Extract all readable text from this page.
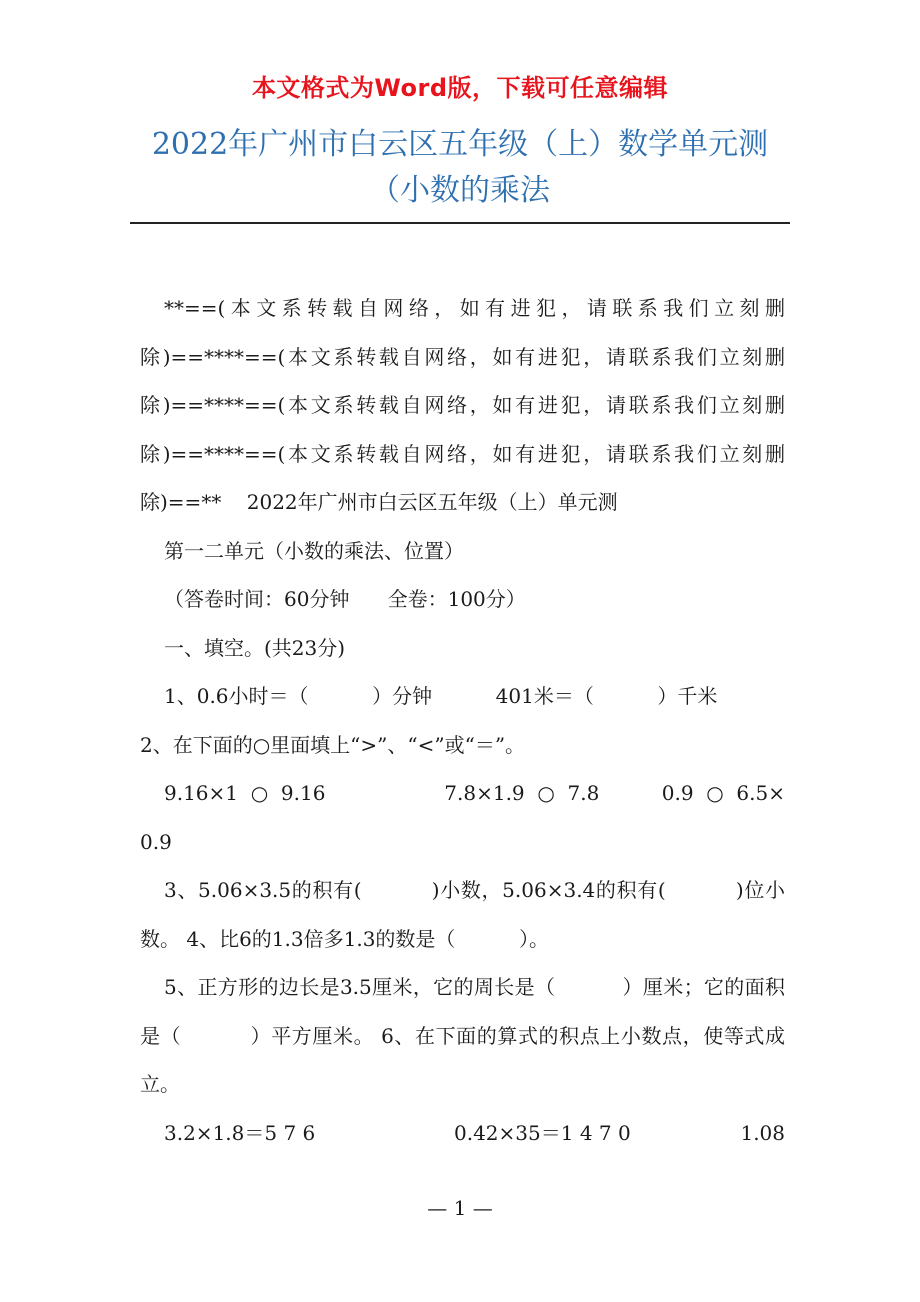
本文格式为Word版，下载可任意编辑
2022年广州市白云区五年级（上）数学单元测（小数的乘法

**==(本文系转载自网络，如有进犯，请联系我们立刻删除)==****==(本文系转载自网络，如有进犯，请联系我们立刻删除)==****==(本文系转载自网络，如有进犯，请联系我们立刻删除)==****==(本文系转载自网络，如有进犯，请联系我们立刻删除)==**    2022年广州市白云区五年级（上）单元测

第一二单元（小数的乘法、位置）

（答卷时间：60分钟      全卷：100分）

一、填空。(共23分)

1、0.6小时＝（          ）分钟          401米＝（          ）千米

2、在下面的○里面填上“>”、“<”或“＝”。

9.16×1  ○  9.16	7.8×1.9  ○  7.8	0.9  ○  6.5×

0.9

3、5.06×3.5的积有(          )小数，5.06×3.4的积有(          )位小数。 4、比6的1.3倍多1.3的数是（          ）。

5、正方形的边长是3.5厘米，它的周长是（          ）厘米；它的面积是（          ）平方厘米。 6、在下面的算式的积点上小数点，使等式成立。

3.2×1.8＝5 7 6	0.42×35＝1 4 7 0	1.08
— 1 —
